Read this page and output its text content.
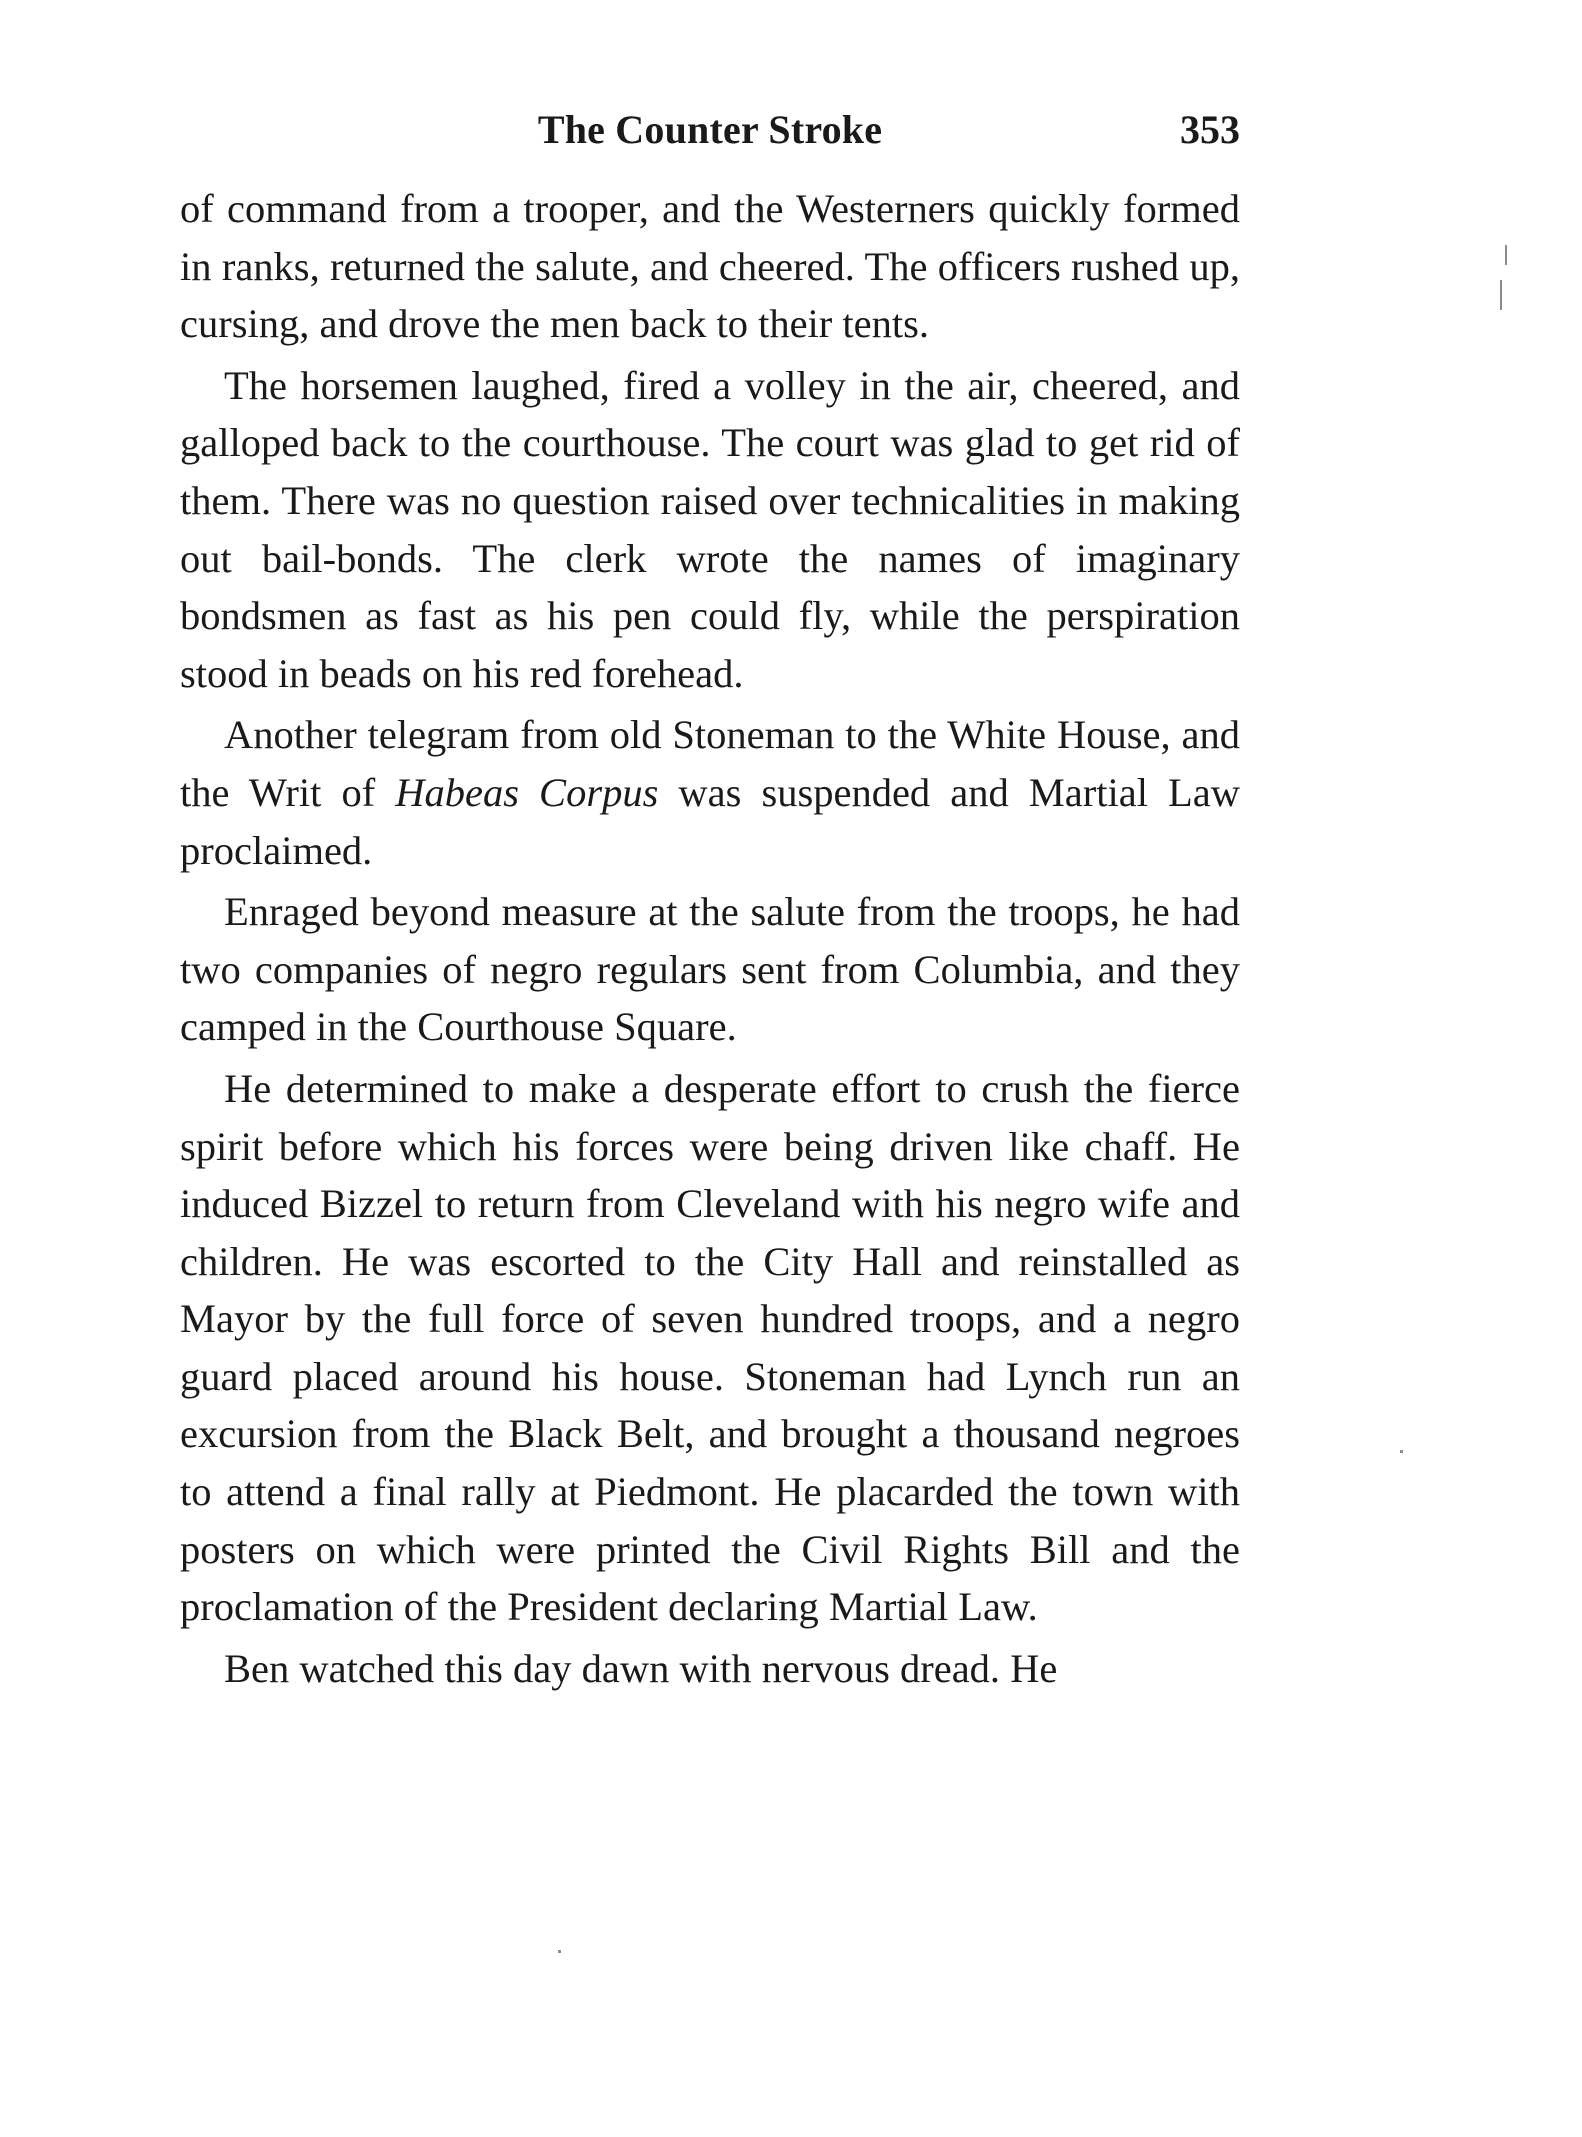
The Counter Stroke	353

of command from a trooper, and the Westerners quickly formed in ranks, returned the salute, and cheered. The officers rushed up, cursing, and drove the men back to their tents.

The horsemen laughed, fired a volley in the air, cheered, and galloped back to the courthouse. The court was glad to get rid of them. There was no question raised over technicalities in making out bail-bonds. The clerk wrote the names of imaginary bondsmen as fast as his pen could fly, while the perspiration stood in beads on his red forehead.

Another telegram from old Stoneman to the White House, and the Writ of Habeas Corpus was suspended and Martial Law proclaimed.

Enraged beyond measure at the salute from the troops, he had two companies of negro regulars sent from Columbia, and they camped in the Courthouse Square.

He determined to make a desperate effort to crush the fierce spirit before which his forces were being driven like chaff. He induced Bizzel to return from Cleveland with his negro wife and children. He was escorted to the City Hall and reinstalled as Mayor by the full force of seven hundred troops, and a negro guard placed around his house. Stoneman had Lynch run an excursion from the Black Belt, and brought a thousand negroes to attend a final rally at Piedmont. He placarded the town with posters on which were printed the Civil Rights Bill and the proclamation of the President declaring Martial Law.

Ben watched this day dawn with nervous dread. He
